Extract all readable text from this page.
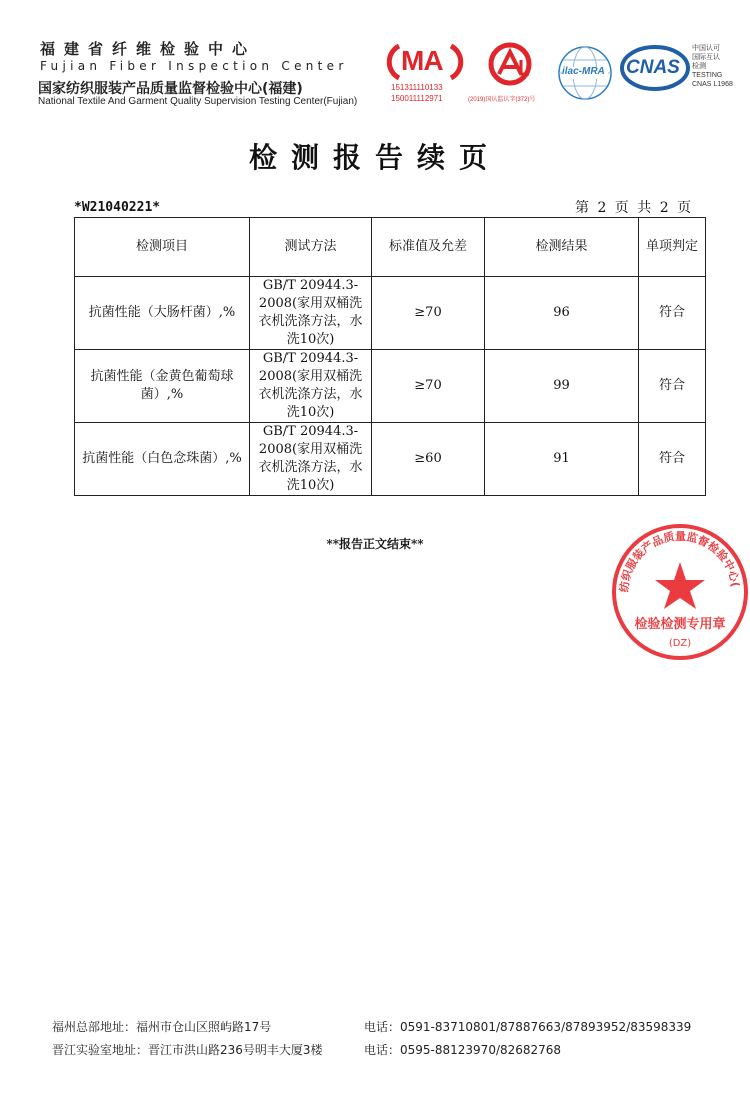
福建省纤维检验中心
Fujian Fiber Inspection Center
国家纺织服装产品质量监督检验中心(福建)
National Textile And Garment Quality Supervision Testing Center(Fujian)
MA
151311110133
150011112971	(2019)国认监认字(372)号
ilac-MRA CNAS
中国认可
国际互认
检测
TESTING
CNAS L1968
检测报告续页
*W21040221*	第 2 页 共 2 页
检测项目	测试方法	标准值及允差	检测结果	单项判定
抗菌性能（大肠杆菌）,%	GB/T 20944.3-2008(家用双桶洗衣机洗涤方法，水洗10次)	≥70	96	符合
抗菌性能（金黄色葡萄球菌）,%	GB/T 20944.3-2008(家用双桶洗衣机洗涤方法，水洗10次)	≥70	99	符合
抗菌性能（白色念珠菌）,%	GB/T 20944.3-2008(家用双桶洗衣机洗涤方法，水洗10次)	≥60	91	符合
**报告正文结束**
纺织服装产品质量监督检验中心(
检验检测专用章
(DZ)
福州总部地址：福州市仓山区照屿路17号	电话：0591-83710801/87887663/87893952/83598339
晋江实验室地址：晋江市洪山路236号明丰大厦3楼	电话：0595-88123970/82682768
